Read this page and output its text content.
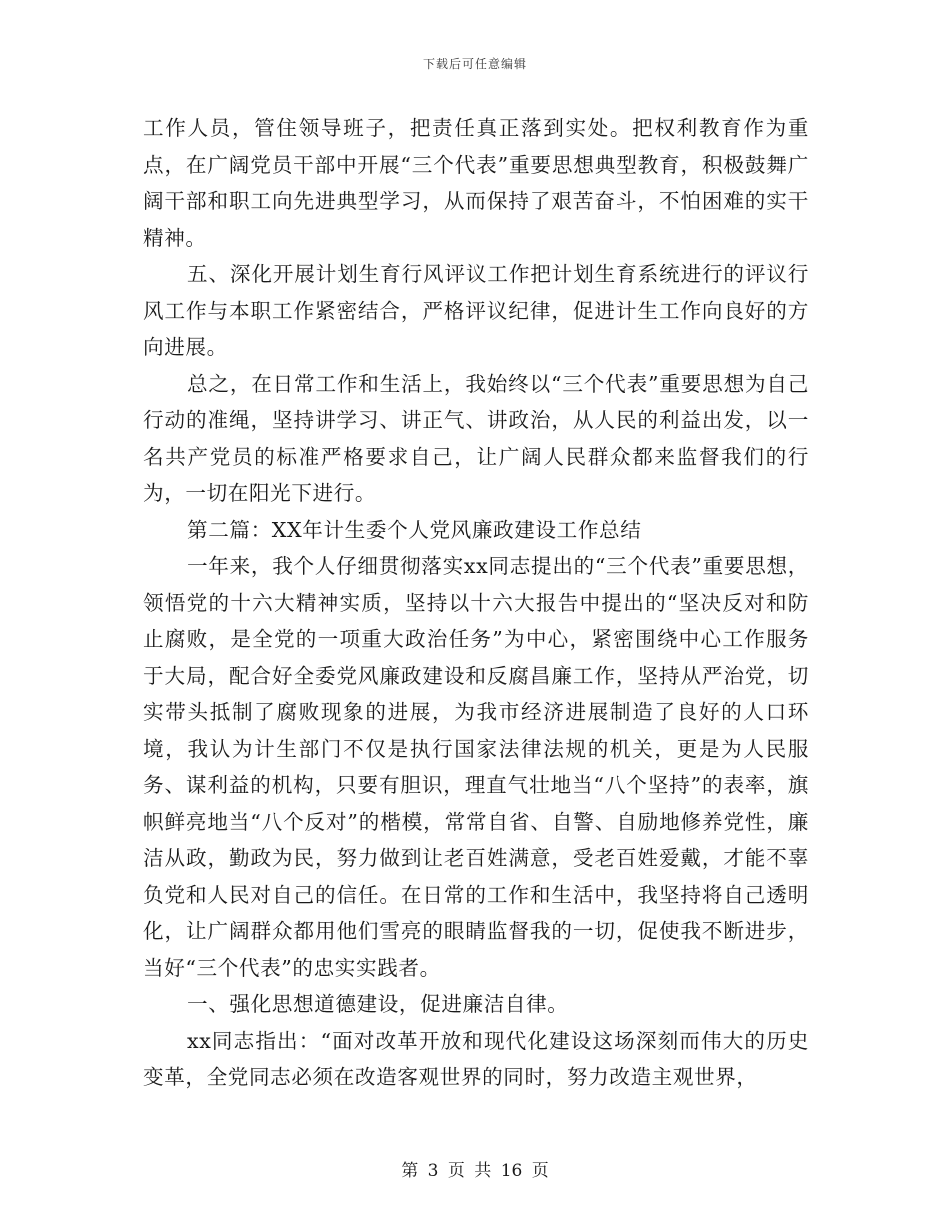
下载后可任意编辑

工作人员，管住领导班子，把责任真正落到实处。把权利教育作为重点，在广阔党员干部中开展“三个代表”重要思想典型教育，积极鼓舞广阔干部和职工向先进典型学习，从而保持了艰苦奋斗，不怕困难的实干精神。

五、深化开展计划生育行风评议工作把计划生育系统进行的评议行风工作与本职工作紧密结合，严格评议纪律，促进计生工作向良好的方向进展。

总之，在日常工作和生活上，我始终以“三个代表”重要思想为自己行动的准绳，坚持讲学习、讲正气、讲政治，从人民的利益出发，以一名共产党员的标准严格要求自己，让广阔人民群众都来监督我们的行为，一切在阳光下进行。

第二篇：XX年计生委个人党风廉政建设工作总结

一年来，我个人仔细贯彻落实xx同志提出的“三个代表”重要思想，领悟党的十六大精神实质，坚持以十六大报告中提出的“坚决反对和防止腐败，是全党的一项重大政治任务”为中心，紧密围绕中心工作服务于大局，配合好全委党风廉政建设和反腐昌廉工作，坚持从严治党，切实带头抵制了腐败现象的进展，为我市经济进展制造了良好的人口环境，我认为计生部门不仅是执行国家法律法规的机关，更是为人民服务、谋利益的机构，只要有胆识，理直气壮地当“八个坚持”的表率，旗帜鲜亮地当“八个反对”的楷模，常常自省、自警、自励地修养党性，廉洁从政，勤政为民，努力做到让老百姓满意，受老百姓爱戴，才能不辜负党和人民对自己的信任。在日常的工作和生活中，我坚持将自己透明化，让广阔群众都用他们雪亮的眼睛监督我的一切，促使我不断进步，当好“三个代表”的忠实实践者。

一、强化思想道德建设，促进廉洁自律。

xx同志指出：“面对改革开放和现代化建设这场深刻而伟大的历史变革，全党同志必须在改造客观世界的同时，努力改造主观世界，

第 3 页 共 16 页
